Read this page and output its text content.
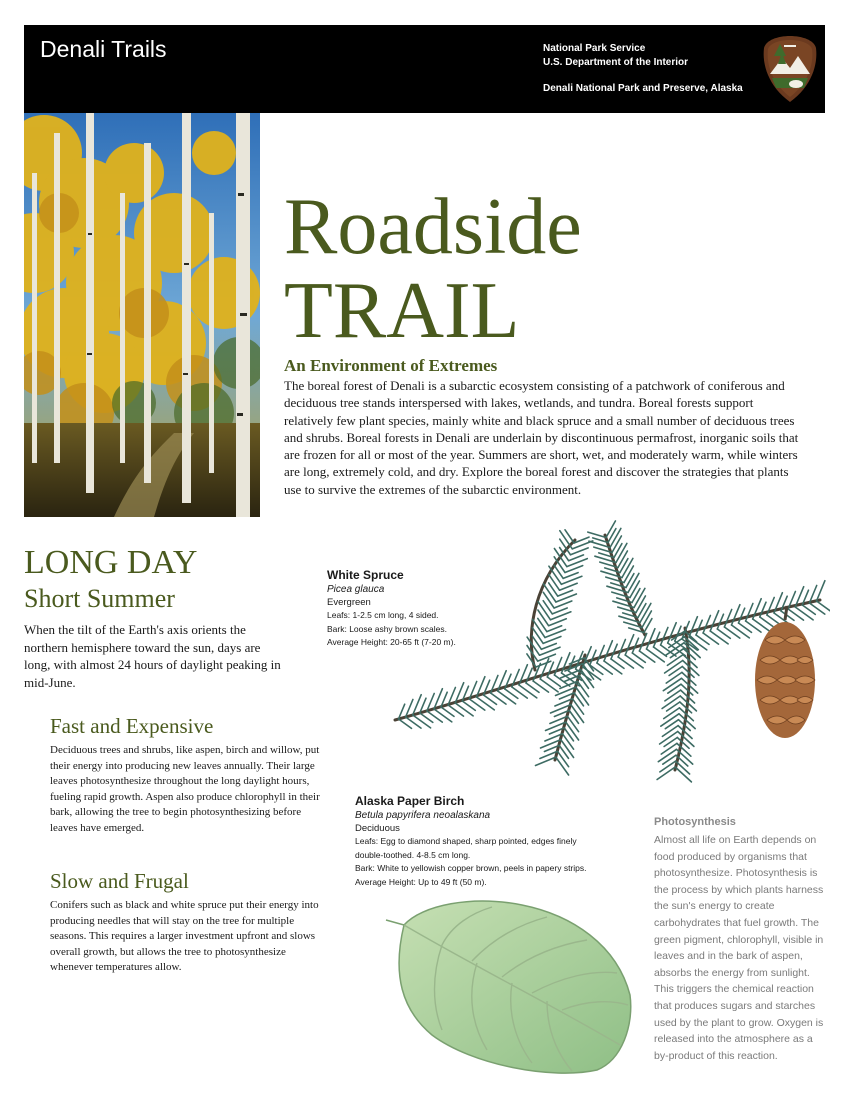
Denali Trails	National Park Service
U.S. Department of the Interior
Denali National Park and Preserve, Alaska
Roadside
TRAIL
An Environment of Extremes
The boreal forest of Denali is a subarctic ecosystem consisting of a patchwork of coniferous and deciduous tree stands interspersed with lakes, wetlands, and tundra. Boreal forests support relatively few plant species, mainly white and black spruce and a small number of deciduous trees and shrubs. Boreal forests in Denali are underlain by discontinuous permafrost, inorganic soils that are frozen for all or most of the year. Summers are short, wet, and moderately warm, while winters are long, extremely cold, and dry. Explore the boreal forest and discover the strategies that plants use to survive the extremes of the subarctic environment.
LONG DAY
Short Summer
When the tilt of the Earth's axis orients the northern hemisphere toward the sun, days are long, with almost 24 hours of daylight peaking in mid-June.
Fast and Expensive
Deciduous trees and shrubs, like aspen, birch and willow, put their energy into producing new leaves annually. Their large leaves photosynthesize throughout the long daylight hours, fueling rapid growth. Aspen also produce chlorophyll in their bark, allowing the tree to begin photosynthesizing before leaves have emerged.
Slow and Frugal
Conifers such as black and white spruce put their energy into producing needles that will stay on the tree for multiple seasons. This requires a larger investment upfront and slows overall growth, but allows the tree to photosynthesize whenever temperatures allow.
White Spruce
Picea glauca
Evergreen
Leafs: 1-2.5 cm long, 4 sided.
Bark: Loose ashy brown scales.
Average Height: 20-65 ft (7-20 m).
Alaska Paper Birch
Betula papyrifera neoalaskana
Deciduous
Leafs: Egg to diamond shaped, sharp pointed, edges finely double-toothed. 4-8.5 cm long.
Bark: White to yellowish copper brown, peels in papery strips.
Average Height: Up to 49 ft (50 m).
Photosynthesis
Almost all life on Earth depends on food produced by organisms that photosynthesize. Photosynthesis is the process by which plants harness the sun's energy to create carbohydrates that fuel growth. The green pigment, chlorophyll, visible in leaves and in the bark of aspen, absorbs the energy from sunlight. This triggers the chemical reaction that produces sugars and starches used by the plant to grow. Oxygen is released into the atmosphere as a by-product of this reaction.
